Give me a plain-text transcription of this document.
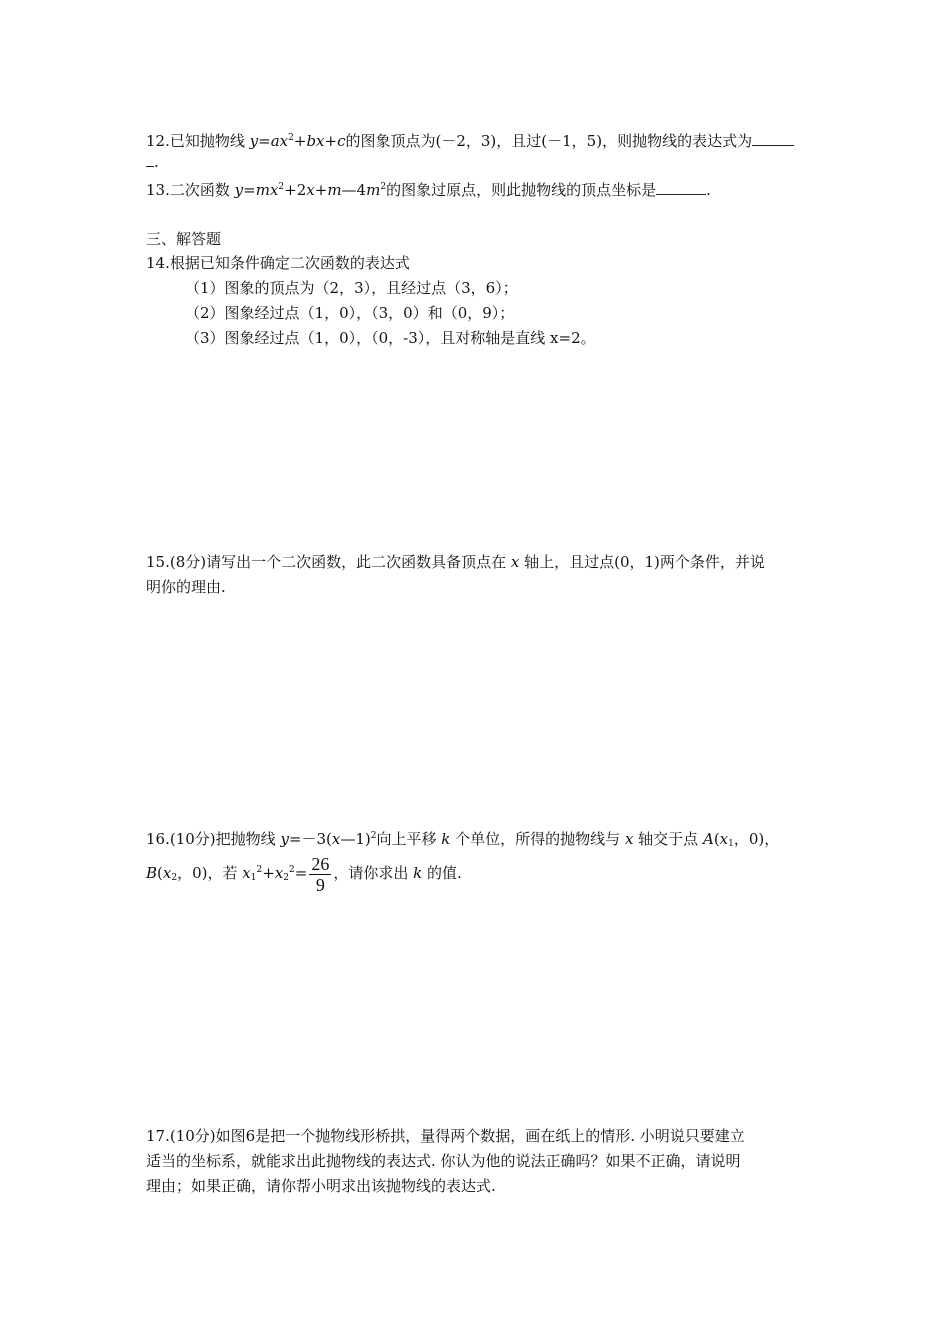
12.已知抛物线 $y=ax^2+bx+c$的图象顶点为(－2，3)，且过(－1，5)，则抛物线的表达式为
.
13.二次函数 $y=mx^2+2x+m—4m^2$的图象过原点，则此抛物线的顶点坐标是	.
三、解答题
14.根据已知条件确定二次函数的表达式
（1）图象的顶点为（2，3），且经过点（3，6）；
（2）图象经过点（1，0），（3，0）和（0，9）；
（3）图象经过点（1，0），（0，-3），且对称轴是直线 x=2。
15.(8分)请写出一个二次函数，此二次函数具备顶点在 x 轴上，且过点(0，1)两个条件，并说
明你的理由.
16.(10分)把抛物线 y=－3(x—1)$^2$向上平移 k 个单位，所得的抛物线与 x 轴交于点 $A(x_1$，0)，
$B(x_2$，0)，若 $x_1^2+x_2^2= \frac{26}{9}$ ，请你求出 k 的值.
17.(10分)如图6是把一个抛物线形桥拱，量得两个数据，画在纸上的情形. 小明说只要建立
适当的坐标系，就能求出此抛物线的表达式. 你认为他的说法正确吗？如果不正确，请说明
理由；如果正确，请你帮小明求出该抛物线的表达式.
